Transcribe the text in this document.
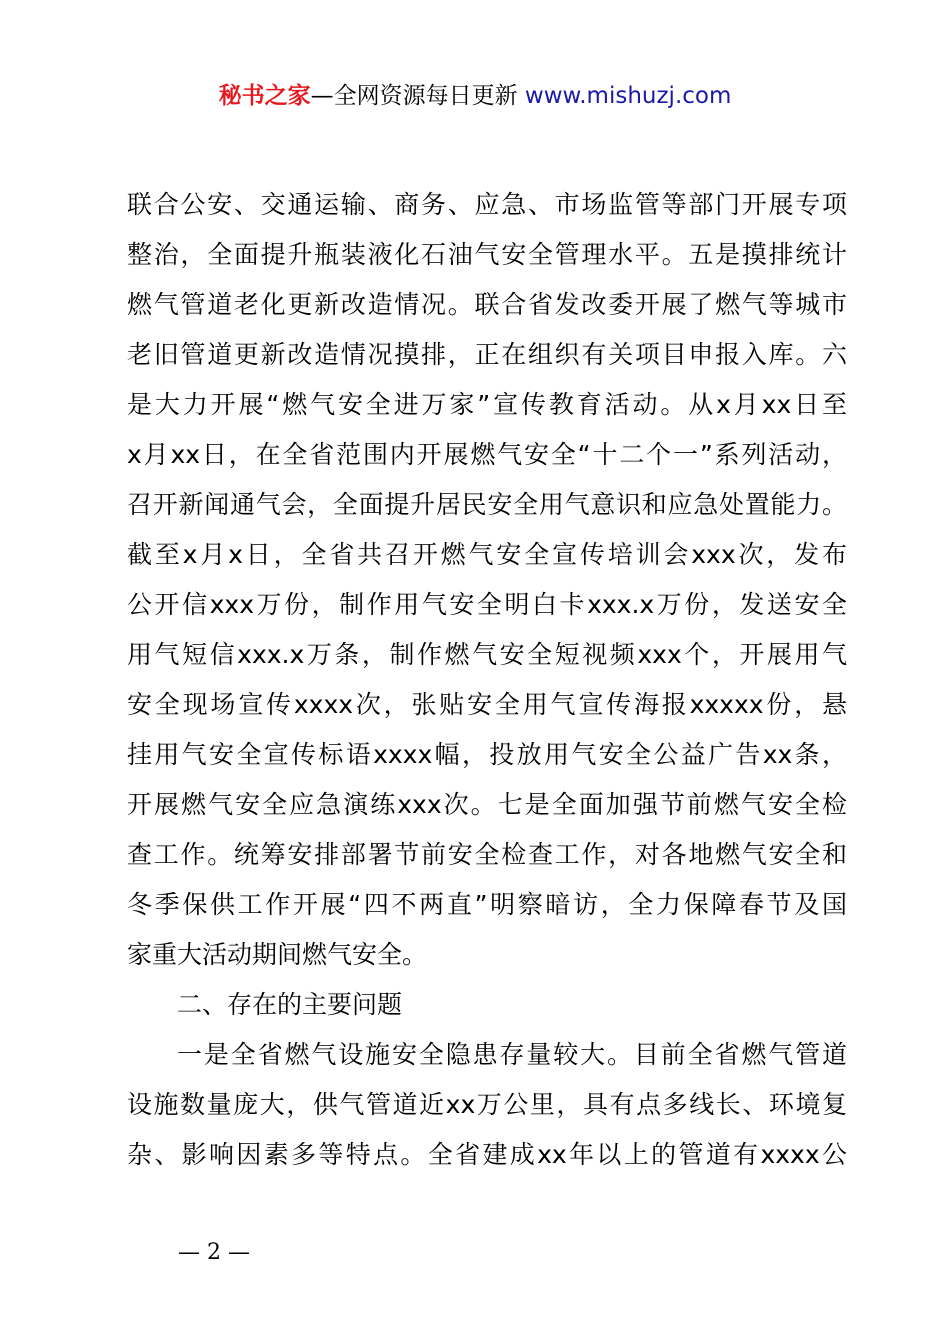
秘书之家—全网资源每日更新 www.mishuzj.com
联合公安、交通运输、商务、应急、市场监管等部门开展专项
整治，全面提升瓶装液化石油气安全管理水平。五是摸排统计
燃气管道老化更新改造情况。联合省发改委开展了燃气等城市
老旧管道更新改造情况摸排，正在组织有关项目申报入库。六
是大力开展“燃气安全进万家”宣传教育活动。从x月xx日至
x月xx日，在全省范围内开展燃气安全“十二个一”系列活动，
召开新闻通气会，全面提升居民安全用气意识和应急处置能力。
截至x月x日，全省共召开燃气安全宣传培训会xxx次，发布
公开信xxx万份，制作用气安全明白卡xxx.x万份，发送安全
用气短信xxx.x万条，制作燃气安全短视频xxx个，开展用气
安全现场宣传xxxx次，张贴安全用气宣传海报xxxxx份，悬
挂用气安全宣传标语xxxx幅，投放用气安全公益广告xx条，
开展燃气安全应急演练xxx次。七是全面加强节前燃气安全检
查工作。统筹安排部署节前安全检查工作，对各地燃气安全和
冬季保供工作开展“四不两直”明察暗访，全力保障春节及国
家重大活动期间燃气安全。
二、存在的主要问题
一是全省燃气设施安全隐患存量较大。目前全省燃气管道
设施数量庞大，供气管道近xx万公里，具有点多线长、环境复
杂、影响因素多等特点。全省建成xx年以上的管道有xxxx公
— 2 —
